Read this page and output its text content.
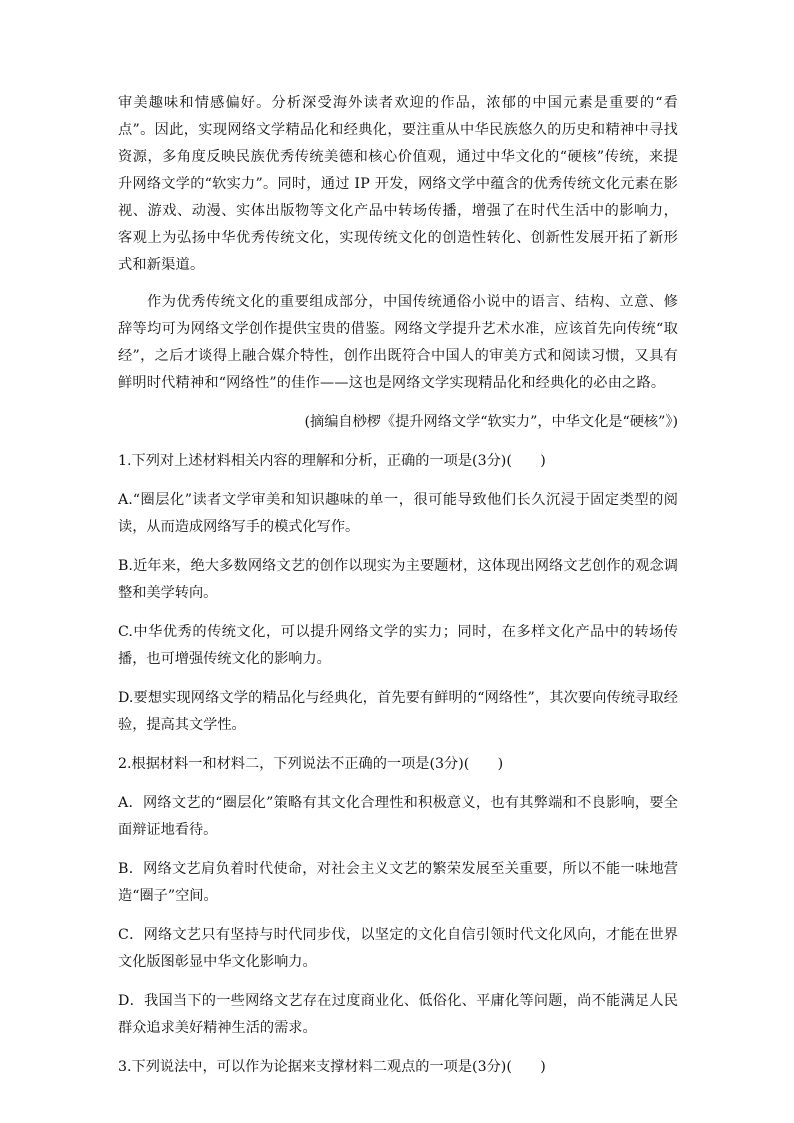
审美趣味和情感偏好。分析深受海外读者欢迎的作品，浓郁的中国元素是重要的“看点”。因此，实现网络文学精品化和经典化，要注重从中华民族悠久的历史和精神中寻找资源，多角度反映民族优秀传统美德和核心价值观，通过中华文化的“硬核”传统，来提升网络文学的“软实力”。同时，通过 IP 开发，网络文学中蕴含的优秀传统文化元素在影视、游戏、动漫、实体出版物等文化产品中转场传播，增强了在时代生活中的影响力，客观上为弘扬中华优秀传统文化，实现传统文化的创造性转化、创新性发展开拓了新形式和新渠道。

作为优秀传统文化的重要组成部分，中国传统通俗小说中的语言、结构、立意、修辞等均可为网络文学创作提供宝贵的借鉴。网络文学提升艺术水准，应该首先向传统“取经”，之后才谈得上融合媒介特性，创作出既符合中国人的审美方式和阅读习惯，又具有鲜明时代精神和“网络性”的佳作——这也是网络文学实现精品化和经典化的必由之路。

(摘编自桫椤《提升网络文学“软实力”，中华文化是“硬核”》)

1.下列对上述材料相关内容的理解和分析，正确的一项是(3分)(　　)

A.“圈层化”读者文学审美和知识趣味的单一，很可能导致他们长久沉浸于固定类型的阅读，从而造成网络写手的模式化写作。

B.近年来，绝大多数网络文艺的创作以现实为主要题材，这体现出网络文艺创作的观念调整和美学转向。

C.中华优秀的传统文化，可以提升网络文学的实力；同时，在多样文化产品中的转场传播，也可增强传统文化的影响力。

D.要想实现网络文学的精品化与经典化，首先要有鲜明的“网络性”，其次要向传统寻取经验，提高其文学性。

2.根据材料一和材料二，下列说法不正确的一项是(3分)(　　)

A．网络文艺的“圈层化”策略有其文化合理性和积极意义，也有其弊端和不良影响，要全面辩证地看待。

B．网络文艺肩负着时代使命，对社会主义文艺的繁荣发展至关重要，所以不能一味地营造“圈子”空间。

C．网络文艺只有坚持与时代同步伐，以坚定的文化自信引领时代文化风向，才能在世界文化版图彰显中华文化影响力。

D．我国当下的一些网络文艺存在过度商业化、低俗化、平庸化等问题，尚不能满足人民群众追求美好精神生活的需求。

3.下列说法中，可以作为论据来支撑材料二观点的一项是(3分)(　　)
